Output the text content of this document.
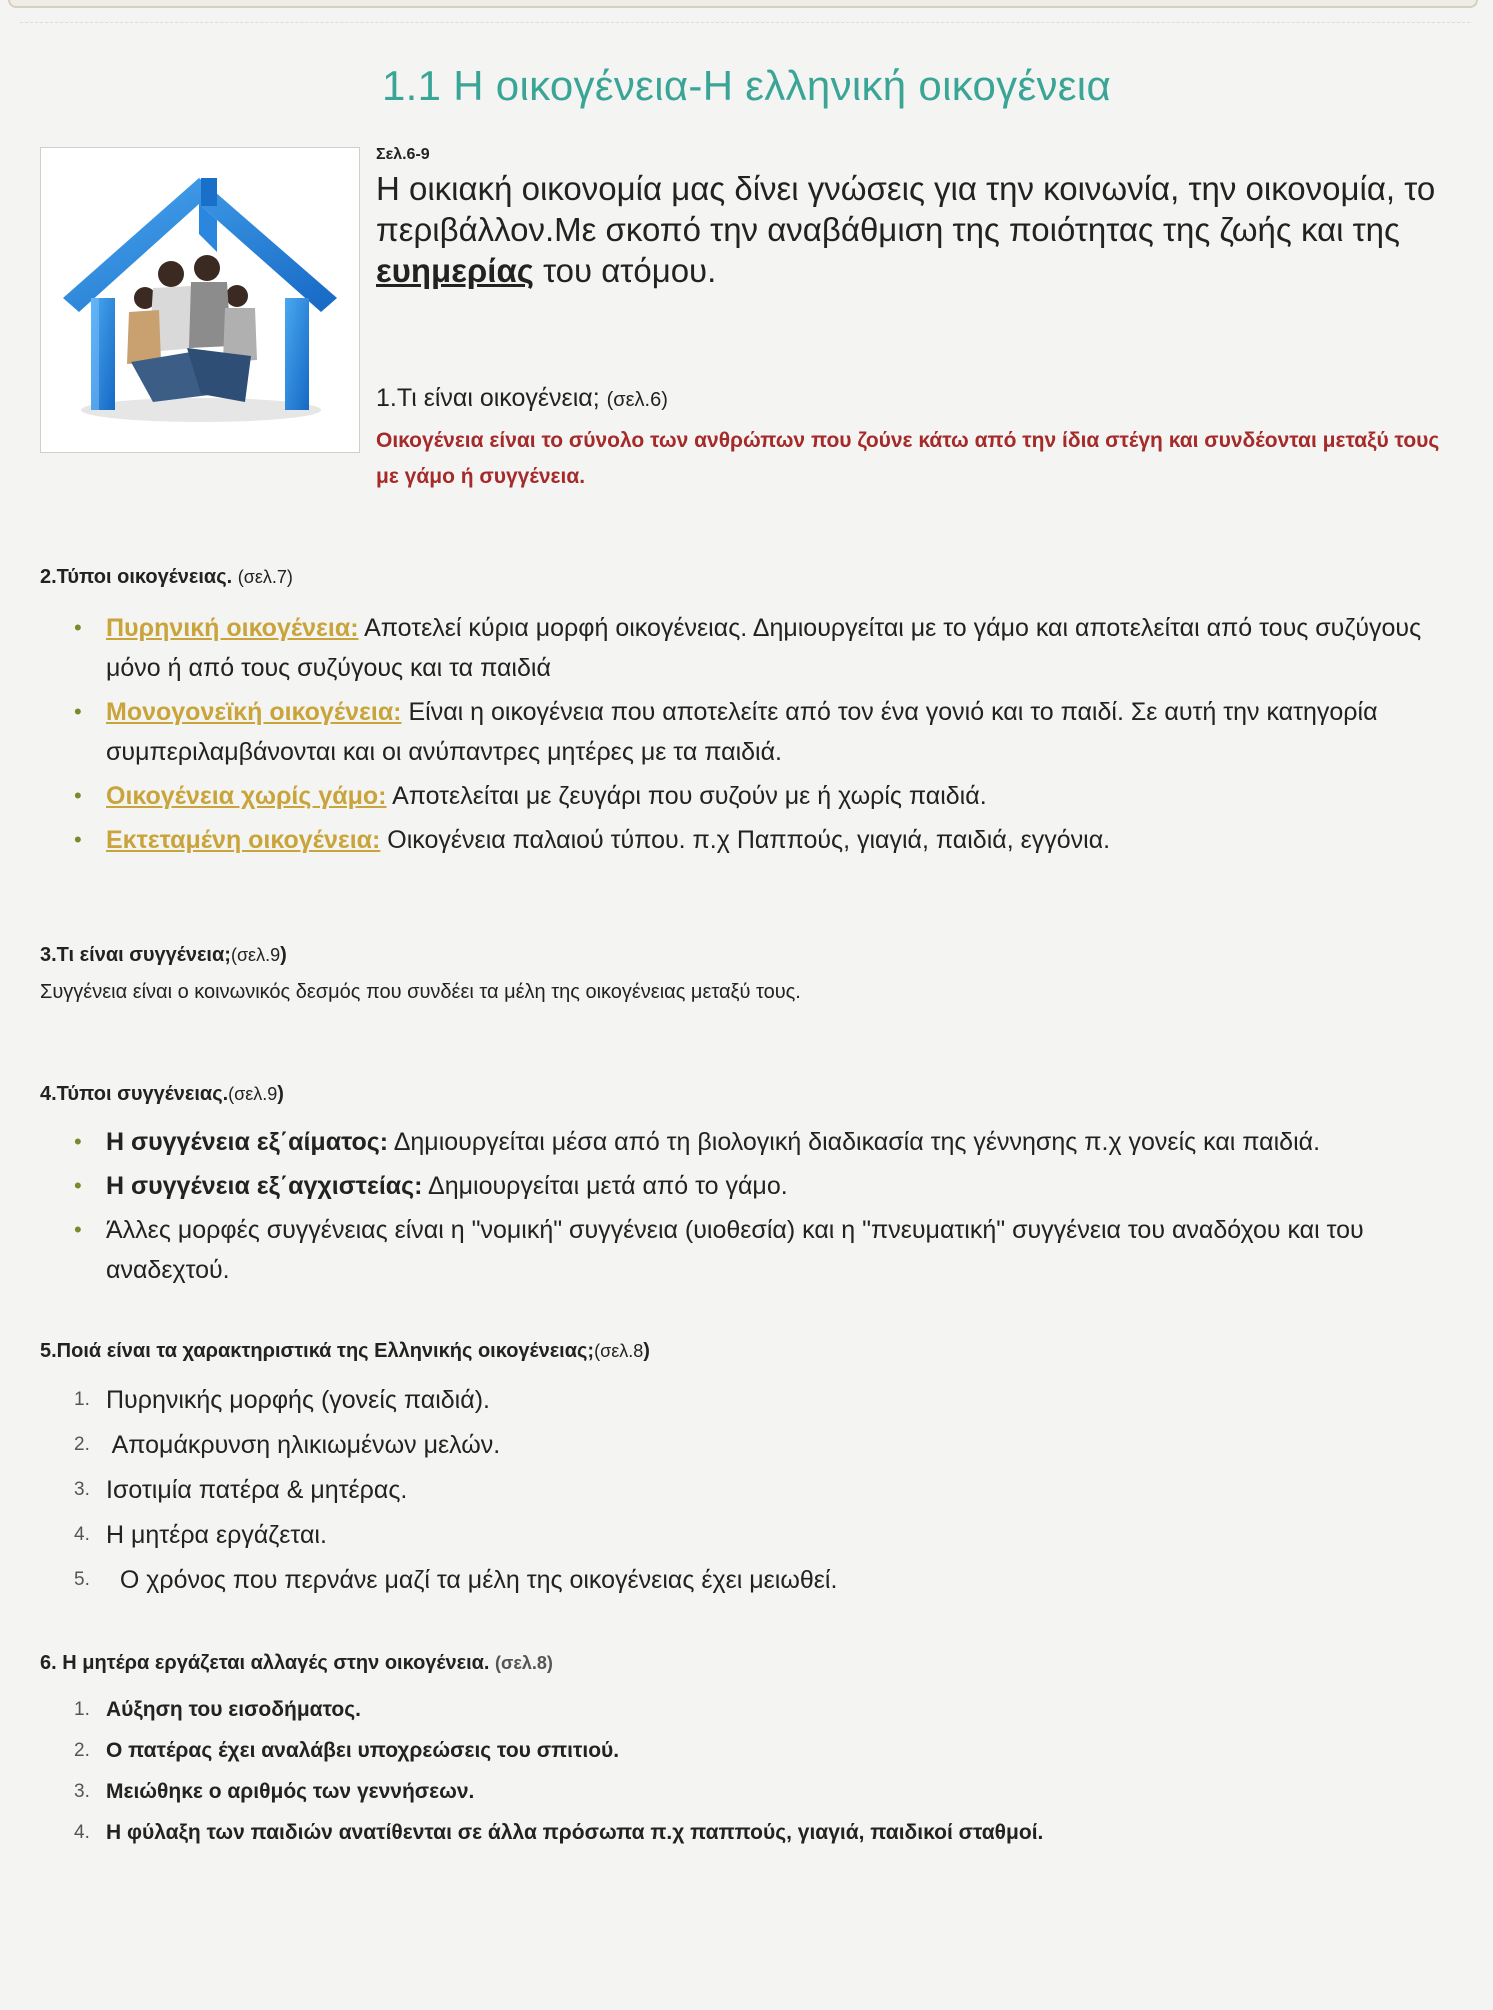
1.1 Η οικογένεια-Η ελληνική οικογένεια
Σελ.6-9
Η οικιακή οικονομία μας δίνει γνώσεις για την κοινωνία, την οικονομία, το περιβάλλον.Με σκοπό την αναβάθμιση της ποιότητας της ζωής και της ευημερίας του ατόμου.
1.Τι είναι οικογένεια; (σελ.6)
Οικογένεια είναι το σύνολο των ανθρώπων που ζούνε κάτω από την ίδια στέγη και συνδέονται μεταξύ τους με γάμο ή συγγένεια.
2.Τύποι οικογένειας. (σελ.7)
• Πυρηνική οικογένεια: Αποτελεί κύρια μορφή οικογένειας. Δημιουργείται με το γάμο και αποτελείται από τους συζύγους μόνο ή από τους συζύγους και τα παιδιά
• Μονογονεϊκή οικογένεια: Είναι η οικογένεια που αποτελείτε από τον ένα γονιό και το παιδί. Σε αυτή την κατηγορία συμπεριλαμβάνονται και οι ανύπαντρες μητέρες με τα παιδιά.
• Οικογένεια χωρίς γάμο: Αποτελείται με ζευγάρι που συζούν με ή χωρίς παιδιά.
• Εκτεταμένη οικογένεια: Οικογένεια παλαιού τύπου. π.χ Παππούς, γιαγιά, παιδιά, εγγόνια.
3.Τι είναι συγγένεια;(σελ.9)
Συγγένεια είναι ο κοινωνικός δεσμός που συνδέει τα μέλη της οικογένειας μεταξύ τους.
4.Τύποι συγγένειας.(σελ.9)
• Η συγγένεια εξ΄αίματος: Δημιουργείται μέσα από τη βιολογική διαδικασία της γέννησης π.χ γονείς και παιδιά.
• Η συγγένεια εξ΄αγχιστείας: Δημιουργείται μετά από το γάμο.
• Άλλες μορφές συγγένειας είναι η "νομική" συγγένεια (υιοθεσία) και η "πνευματική" συγγένεια του αναδόχου και του αναδεχτού.
5.Ποιά είναι τα χαρακτηριστικά της Ελληνικής οικογένειας;(σελ.8)
1. Πυρηνικής μορφής (γονείς παιδιά).
2. Απομάκρυνση ηλικιωμένων μελών.
3. Ισοτιμία πατέρα & μητέρας.
4. Η μητέρα εργάζεται.
5. Ο χρόνος που περνάνε μαζί τα μέλη της οικογένειας έχει μειωθεί.
6. Η μητέρα εργάζεται αλλαγές στην οικογένεια. (σελ.8)
1. Αύξηση του εισοδήματος.
2. Ο πατέρας έχει αναλάβει υποχρεώσεις του σπιτιού.
3. Μειώθηκε ο αριθμός των γεννήσεων.
4. Η φύλαξη των παιδιών ανατίθενται σε άλλα πρόσωπα π.χ παππούς, γιαγιά, παιδικοί σταθμοί.
